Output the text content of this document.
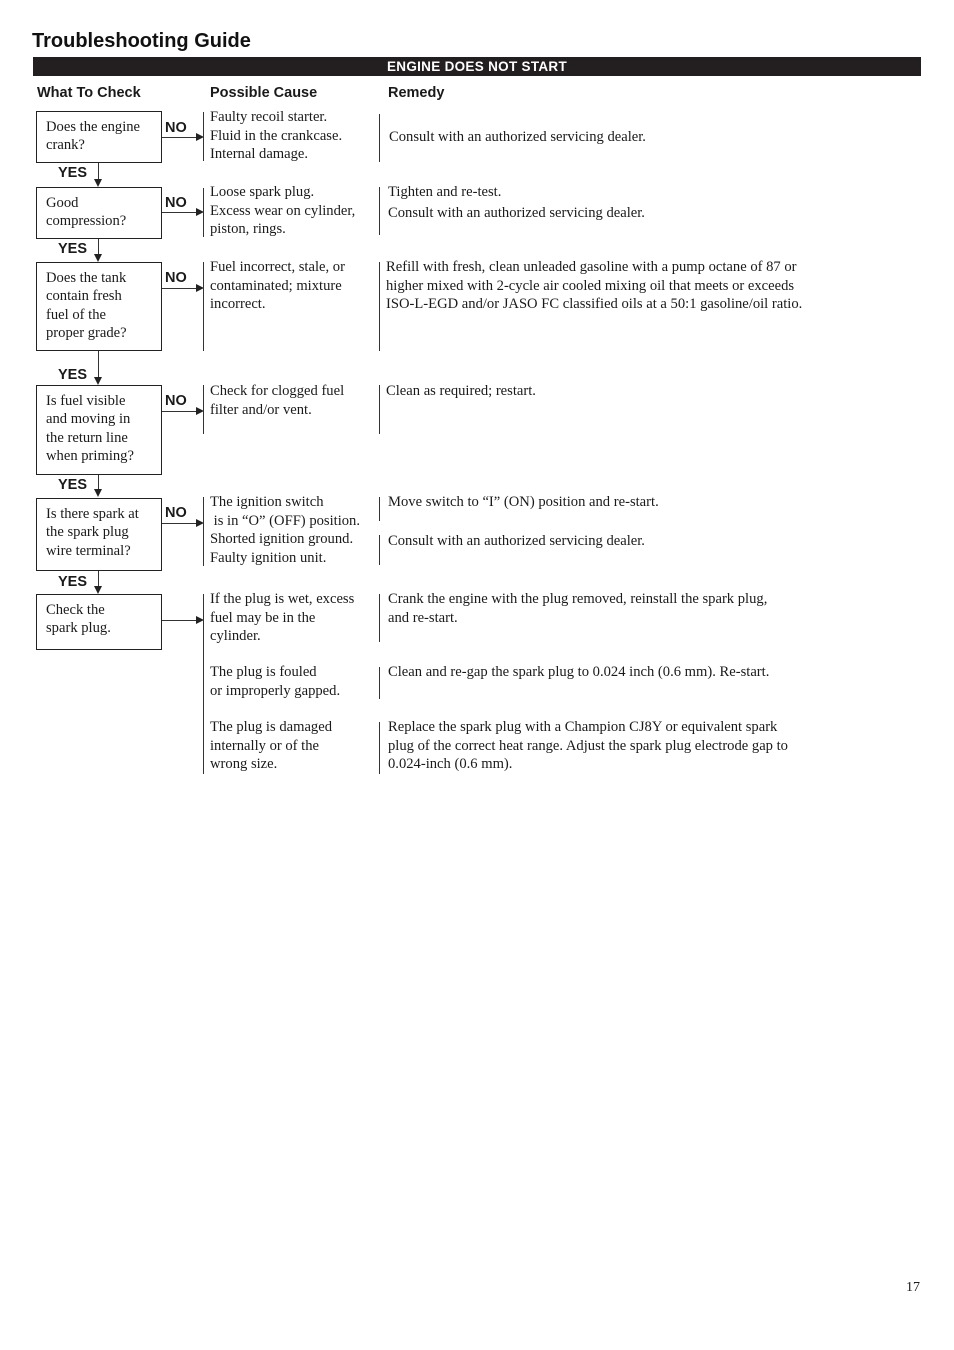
Troubleshooting Guide
ENGINE DOES NOT START
What To Check	Possible Cause	Remedy
Does the engine
crank?
NO
Faulty recoil starter.
Fluid in the crankcase.
Internal damage.
Consult with an authorized servicing dealer.
YES
Good
compression?
NO
Loose spark plug.
Excess wear on cylinder,
piston, rings.
Tighten and re-test.
Consult with an authorized servicing dealer.
YES
Does the tank
contain fresh
fuel of the
proper grade?
NO
Fuel incorrect, stale, or
contaminated; mixture
incorrect.
Refill with fresh, clean unleaded gasoline with a pump octane of 87 or
higher mixed with 2-cycle air cooled mixing oil that meets or exceeds
ISO-L-EGD and/or JASO FC classified oils at a 50:1 gasoline/oil ratio.
YES
Is fuel visible
and moving in
the return line
when priming?
NO
Check for clogged fuel
filter and/or vent.
Clean as required; restart.
YES
Is there spark at
the spark plug
wire terminal?
NO
The ignition switch
is in “O” (OFF) position.
Shorted ignition ground.
Faulty ignition unit.
Move switch to “I” (ON) position and re-start.
Consult with an authorized servicing dealer.
YES
Check the
spark plug.
If the plug is wet, excess
fuel may be in the
cylinder.
The plug is fouled
or improperly gapped.
The plug is damaged
internally or of the
wrong size.
Crank the engine with the plug removed, reinstall the spark plug,
and re-start.
Clean and re-gap the spark plug to 0.024 inch (0.6 mm). Re-start.
Replace the spark plug with a Champion CJ8Y or equivalent spark
plug of the correct heat range. Adjust the spark plug electrode gap to
0.024-inch (0.6 mm).
17
